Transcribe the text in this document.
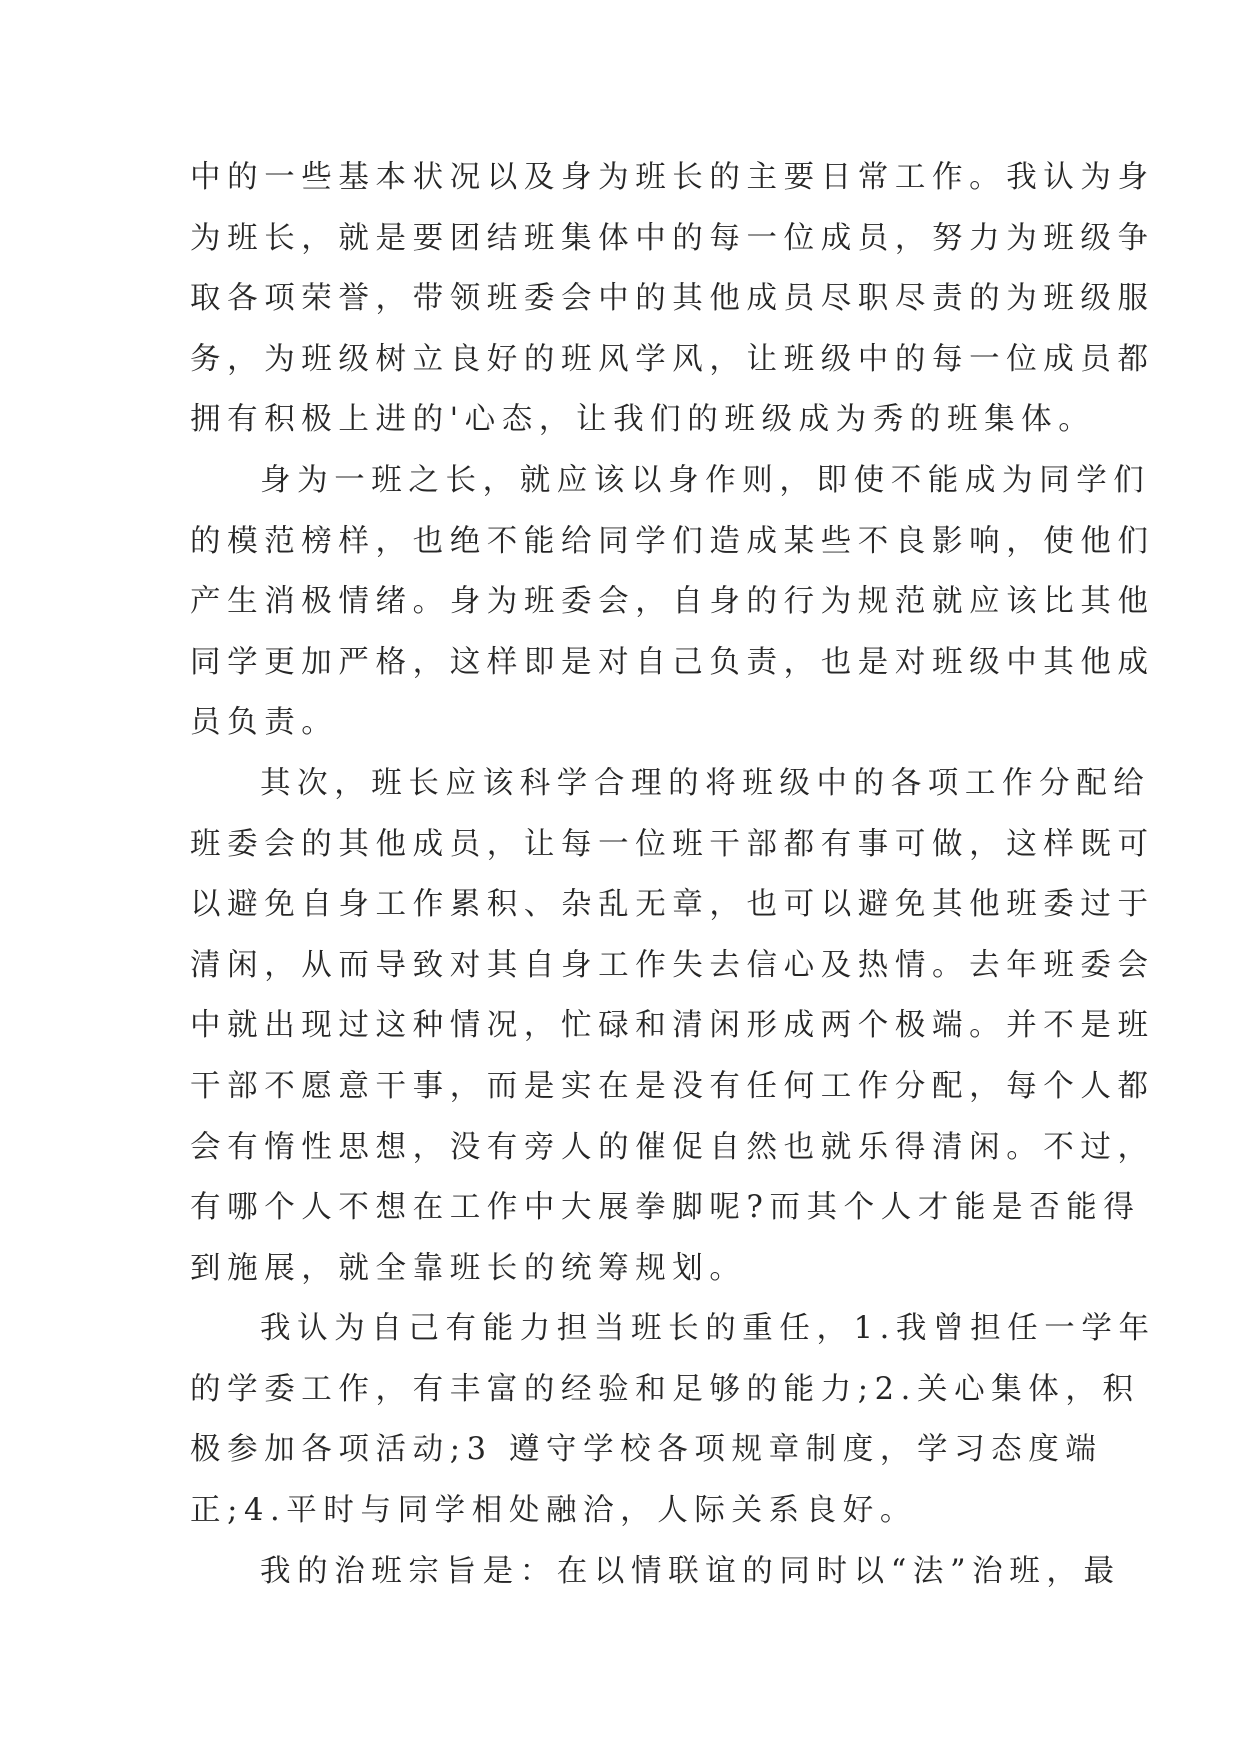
中的一些基本状况以及身为班长的主要日常工作。我认为身
为班长，就是要团结班集体中的每一位成员，努力为班级争
取各项荣誉，带领班委会中的其他成员尽职尽责的为班级服
务，为班级树立良好的班风学风，让班级中的每一位成员都
拥有积极上进的'心态，让我们的班级成为秀的班集体。
身为一班之长，就应该以身作则，即使不能成为同学们
的模范榜样，也绝不能给同学们造成某些不良影响，使他们
产生消极情绪。身为班委会，自身的行为规范就应该比其他
同学更加严格，这样即是对自己负责，也是对班级中其他成
员负责。
其次，班长应该科学合理的将班级中的各项工作分配给
班委会的其他成员，让每一位班干部都有事可做，这样既可
以避免自身工作累积、杂乱无章，也可以避免其他班委过于
清闲，从而导致对其自身工作失去信心及热情。去年班委会
中就出现过这种情况，忙碌和清闲形成两个极端。并不是班
干部不愿意干事，而是实在是没有任何工作分配，每个人都
会有惰性思想，没有旁人的催促自然也就乐得清闲。不过，
有哪个人不想在工作中大展拳脚呢?而其个人才能是否能得
到施展，就全靠班长的统筹规划。
我认为自己有能力担当班长的重任，1.我曾担任一学年
的学委工作，有丰富的经验和足够的能力;2.关心集体，积
极参加各项活动;3 遵守学校各项规章制度，学习态度端
正;4.平时与同学相处融洽，人际关系良好。
我的治班宗旨是：在以情联谊的同时以“法”治班，最
